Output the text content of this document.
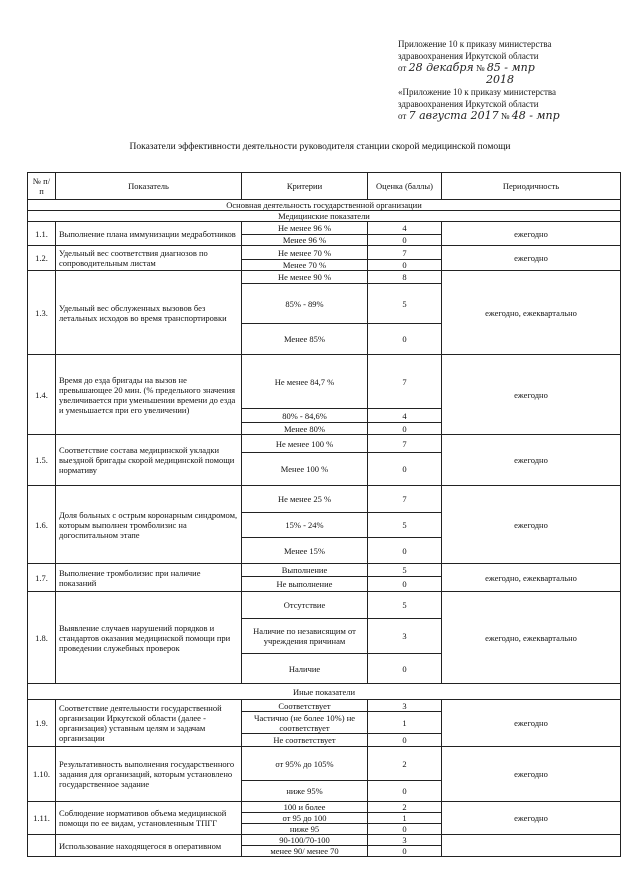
Приложение 10 к приказу министерства
здравоохранения Иркутской области
от 28 декабря № 85 - мпр
2018
«Приложение 10 к приказу министерства
здравоохранения Иркутской области
от 7 августа 2017 № 48 - мпр
Показатели эффективности деятельности руководителя станции скорой медицинской помощи
№ п/п	Показатель	Критерии	Оценка (баллы)	Периодичность
Основная деятельность государственной организации				
Медицинские показатели				
1.1.	Выполнение плана иммунизации медработников	Не менее 96 %	4	ежегодно
		Менее 96 %	0	
1.2.	Удельный вес соответствия диагнозов по сопроводительным листам	Не менее 70 %	7	ежегодно
		Менее 70 %	0	
1.3.	Удельный вес обслуженных вызовов без летальных исходов во время транспортировки	Не менее 90 %	8	ежегодно, ежеквартально
		85% - 89%	5	
		Менее 85%	0	
1.4.	Время до езда бригады на вызов не превышающее 20 мин. (% предельного значения увеличивается при уменьшении времени до езда и уменьшается при его увеличении)	Не менее 84,7 %	7	ежегодно
		80% - 84,6%	4	
		Менее 80%	0	
1.5.	Соответствие состава медицинской укладки выездной бригады скорой медицинской помощи нормативу	Не менее 100 %	7	ежегодно
		Менее 100 %	0	
1.6.	Доля больных с острым коронарным синдромом, которым выполнен тромболизис на догоспитальном этапе	Не менее 25 %	7	ежегодно
		15% - 24%	5	
		Менее 15%	0	
1.7.	Выполнение тромболизис при наличие показаний	Выполнение	5	ежегодно, ежеквартально
		Не выполнение	0	
1.8.	Выявление случаев нарушений порядков и стандартов оказания медицинской помощи при проведении служебных проверок	Отсутствие	5	ежегодно, ежеквартально
		Наличие по независящим от учреждения причинам	3	
		Наличие	0	
Иные показатели				
1.9.	Соответствие деятельности государственной организации Иркутской области (далее - организация) уставным целям и задачам организации	Соответствует	3	ежегодно
		Частично (не более 10%) не соответствует	1	
		Не соответствует	0	
1.10.	Результативность выполнения государственного задания для организаций, которым установлено государственное задание	от 95% до 105%	2	ежегодно
		ниже 95%	0	
1.11.	Соблюдение нормативов объема медицинской помощи по ее видам, установленным ТПГГ	100 и более	2	ежегодно
		от 95 до 100	1	
		ниже 95	0	
	Использование находящегося в оперативном	90-100/70-100	3	
		менее 90/ менее 70	0	
